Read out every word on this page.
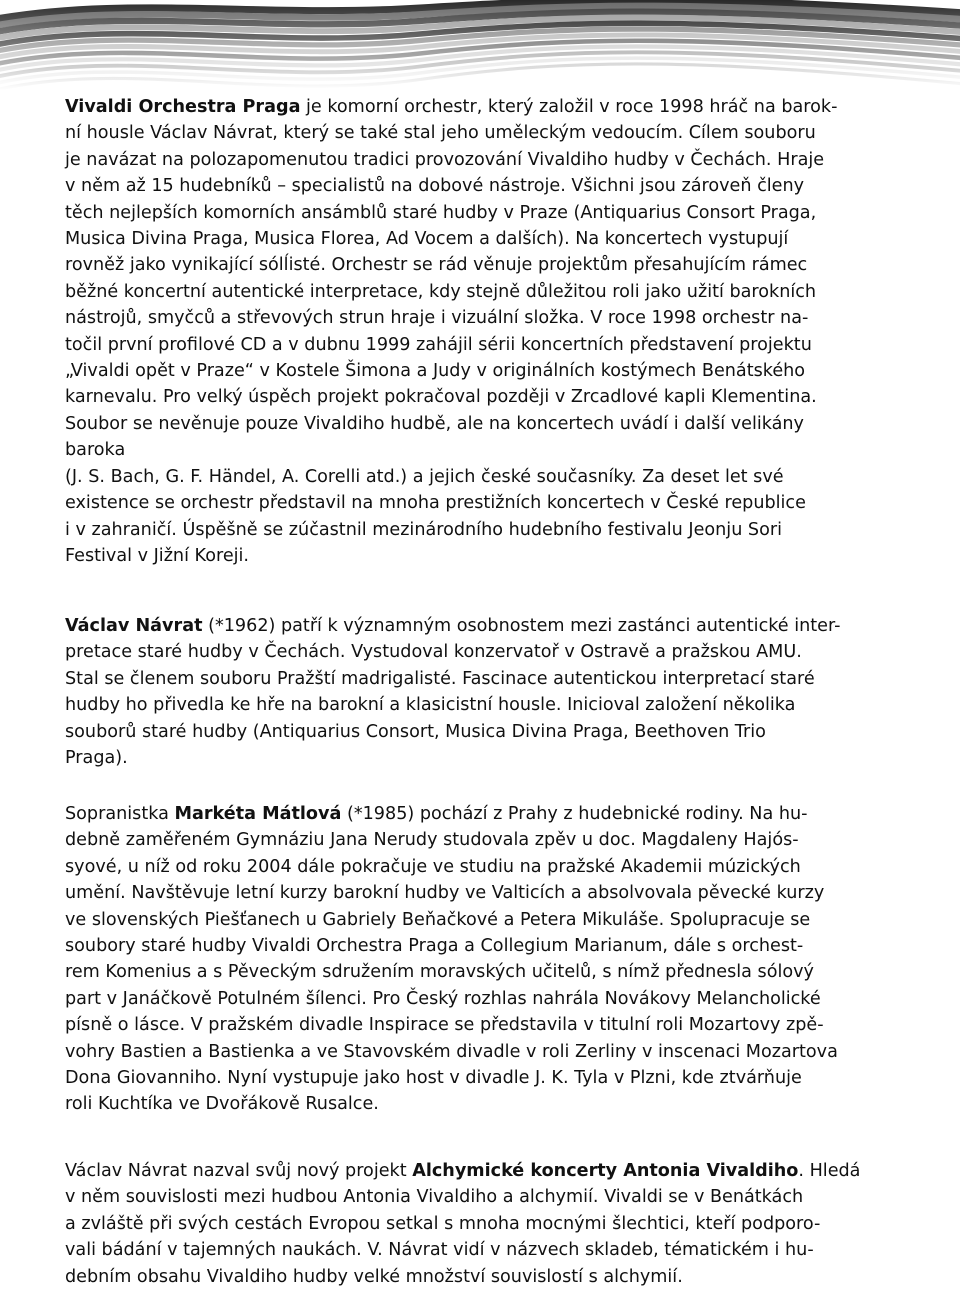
Vivaldi Orchestra Praga je komorní orchestr, který založil v roce 1998 hráč na barok-
ní housle Václav Návrat, který se také stal jeho uměleckým vedoucím. Cílem souboru
je navázat na polozapomenutou tradici provozování Vivaldiho hudby v Čechách. Hraje
v něm až 15 hudebníků – specialistů na dobové nástroje. Všichni jsou zároveň členy
těch nejlepších komorních ansámblů staré hudby v Praze (Antiquarius Consort Praga,
Musica Divina Praga, Musica Florea, Ad Vocem a dalších). Na koncertech vystupují
rovněž jako vynikající sólĺisté. Orchestr se rád věnuje projektům přesahujícím rámec
běžné koncertní autentické interpretace, kdy stejně důležitou roli jako užití barokních
nástrojů, smyčců a střevových strun hraje i vizuální složka. V roce 1998 orchestr na-
točil první profilové CD a v dubnu 1999 zahájil sérii koncertních představení projektu
„Vivaldi opět v Praze“ v Kostele Šimona a Judy v originálních kostýmech Benátského
karnevalu. Pro velký úspěch projekt pokračoval později v Zrcadlové kapli Klementina.
Soubor se nevěnuje pouze Vivaldiho hudbě, ale na koncertech uvádí i další velikány
baroka
(J. S. Bach, G. F. Händel, A. Corelli atd.) a jejich české současníky. Za deset let své
existence se orchestr představil na mnoha prestižních koncertech v České republice
i v zahraničí. Úspěšně se zúčastnil mezinárodního hudebního festivalu Jeonju Sori
Festival v Jižní Koreji.

Václav Návrat (*1962) patří k významným osobnostem mezi zastánci autentické inter-
pretace staré hudby v Čechách. Vystudoval konzervatoř v Ostravě a pražskou AMU.
Stal se členem souboru Pražští madrigalisté. Fascinace autentickou interpretací staré
hudby ho přivedla ke hře na barokní a klasicistní housle. Inicioval založení několika
souborů staré hudby (Antiquarius Consort, Musica Divina Praga, Beethoven Trio
Praga).

Sopranistka Markéta Mátlová (*1985) pochází z Prahy z hudebnické rodiny. Na hu-
debně zaměřeném Gymnáziu Jana Nerudy studovala zpěv u doc. Magdaleny Hajós-
syové, u níž od roku 2004 dále pokračuje ve studiu na pražské Akademii múzických
umění. Navštěvuje letní kurzy barokní hudby ve Valticích a absolvovala pěvecké kurzy
ve slovenských Piešťanech u Gabriely Beňačkové a Petera Mikuláše. Spolupracuje se
soubory staré hudby Vivaldi Orchestra Praga a Collegium Marianum, dále s orchest-
rem Komenius a s Pěveckým sdružením moravských učitelů, s nímž přednesla sólový
part v Janáčkově Potulném šílenci. Pro Český rozhlas nahrála Novákovy Melancholické
písně o lásce. V pražském divadle Inspirace se představila v titulní roli Mozartovy zpě-
vohry Bastien a Bastienka a ve Stavovském divadle v roli Zerliny v inscenaci Mozartova
Dona Giovanniho. Nyní vystupuje jako host v divadle J. K. Tyla v Plzni, kde ztvárňuje
roli Kuchtíka ve Dvořákově Rusalce.

Václav Návrat nazval svůj nový projekt Alchymické koncerty Antonia Vivaldiho. Hledá
v něm souvislosti mezi hudbou Antonia Vivaldiho a alchymií. Vivaldi se v Benátkách
a zvláště při svých cestách Evropou setkal s mnoha mocnými šlechtici, kteří podporo-
vali bádání v tajemných naukách. V. Návrat vidí v názvech skladeb, tématickém i hu-
debním obsahu Vivaldiho hudby velké množství souvislostí s alchymií.
